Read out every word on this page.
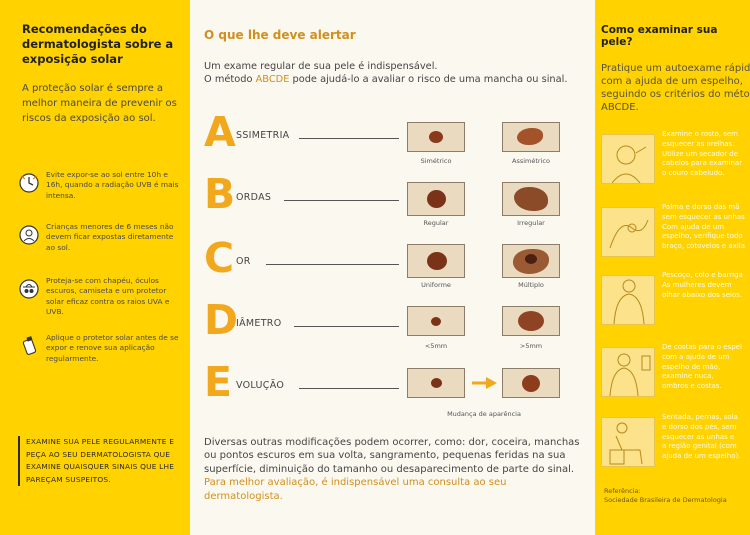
Recomendações do dermatologista sobre a exposição solar
A proteção solar é sempre a melhor maneira de prevenir os riscos da exposição ao sol.
Evite expor-se ao sol entre 10h e 16h, quando a radiação UVB é mais intensa.
Crianças menores de 6 meses não devem ficar expostas diretamente ao sol.
Proteja-se com chapéu, óculos escuros, camiseta e um protetor solar eficaz contra os raios UVA e UVB.
Aplique o protetor solar antes de se expor e renove sua aplicação regularmente.
EXAMINE SUA PELE REGULARMENTE E PEÇA AO SEU DERMATOLOGISTA QUE EXAMINE QUAISQUER SINAIS QUE LHE PAREÇAM SUSPEITOS.
O que lhe deve alertar
Um exame regular de sua pele é indispensável.
O método ABCDE pode ajudá-lo a avaliar o risco de uma mancha ou sinal.
A SSIMETRIA
Simétrico	Assimétrico
B ORDAS
Regular	Irregular
C OR
Uniforme	Múltiplo
D
IÂMETRO
<5mm	>5mm
E VOLUÇÃO
Mudança de aparência
Diversas outras modificações podem ocorrer, como: dor, coceira, manchas ou pontos escuros em sua volta, sangramento, pequenas feridas na sua superfície, diminuição do tamanho ou desaparecimento de parte do sinal.
Para melhor avaliação, é indispensável uma consulta ao seu dermatologista.
Como examinar sua pele?
Pratique um autoexame rápid
com a ajuda de um espelho,
seguindo os critérios do méto
ABCDE.
Examine o rosto, sem
esquecer as orelhas.
Utilize um secador de
cabelos para examinar
o couro cabeludo.
Palma e dorso das mã
sem esquecer as unhas
Com ajuda de um
espelho, verifique todo
braço, cotovelos e axila
Pescoço, colo e barriga
As mulheres devem
olhar abaixo dos seios.
De costas para o espel
com a ajuda de um
espelho de mão,
examine nuca,
ombros e costas.
Sentada, pernas, sola
e dorso dos pés, sem
esquecer as unhas e
a região genital (com
ajuda de um espelho).
Referência:
Sociedade Brasileira de Dermatologia
